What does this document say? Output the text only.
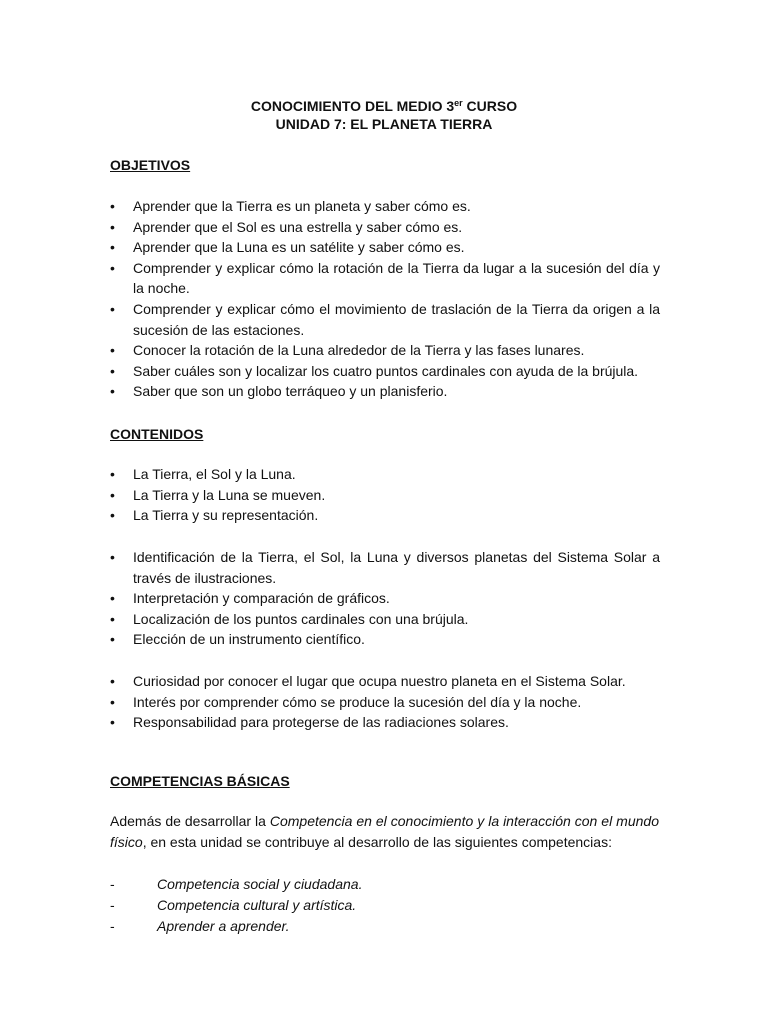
CONOCIMIENTO DEL MEDIO 3er CURSO
UNIDAD 7: EL PLANETA TIERRA
OBJETIVOS
• Aprender que la Tierra es un planeta y saber cómo es.
• Aprender que el Sol es una estrella y saber cómo es.
• Aprender que la Luna es un satélite y saber cómo es.
• Comprender y explicar cómo la rotación de la Tierra da lugar a la sucesión del día y la noche.
• Comprender y explicar cómo el movimiento de traslación de la Tierra da origen a la sucesión de las estaciones.
• Conocer la rotación de la Luna alrededor de la Tierra y las fases lunares.
• Saber cuáles son y localizar los cuatro puntos cardinales con ayuda de la brújula.
• Saber que son un globo terráqueo y un planisferio.
CONTENIDOS
• La Tierra, el Sol y la Luna.
• La Tierra y la Luna se mueven.
• La Tierra y su representación.
• Identificación de la Tierra, el Sol, la Luna y diversos planetas del Sistema Solar a través de ilustraciones.
• Interpretación y comparación de gráficos.
• Localización de los puntos cardinales con una brújula.
• Elección de un instrumento científico.
• Curiosidad por conocer el lugar que ocupa nuestro planeta en el Sistema Solar.
• Interés por comprender cómo se produce la sucesión del día y la noche.
• Responsabilidad para protegerse de las radiaciones solares.
COMPETENCIAS BÁSICAS

Además de desarrollar la Competencia en el conocimiento y la interacción con el mundo físico, en esta unidad se contribuye al desarrollo de las siguientes competencias:

-	Competencia social y ciudadana.
-	Competencia cultural y artística.
-	Aprender a aprender.
